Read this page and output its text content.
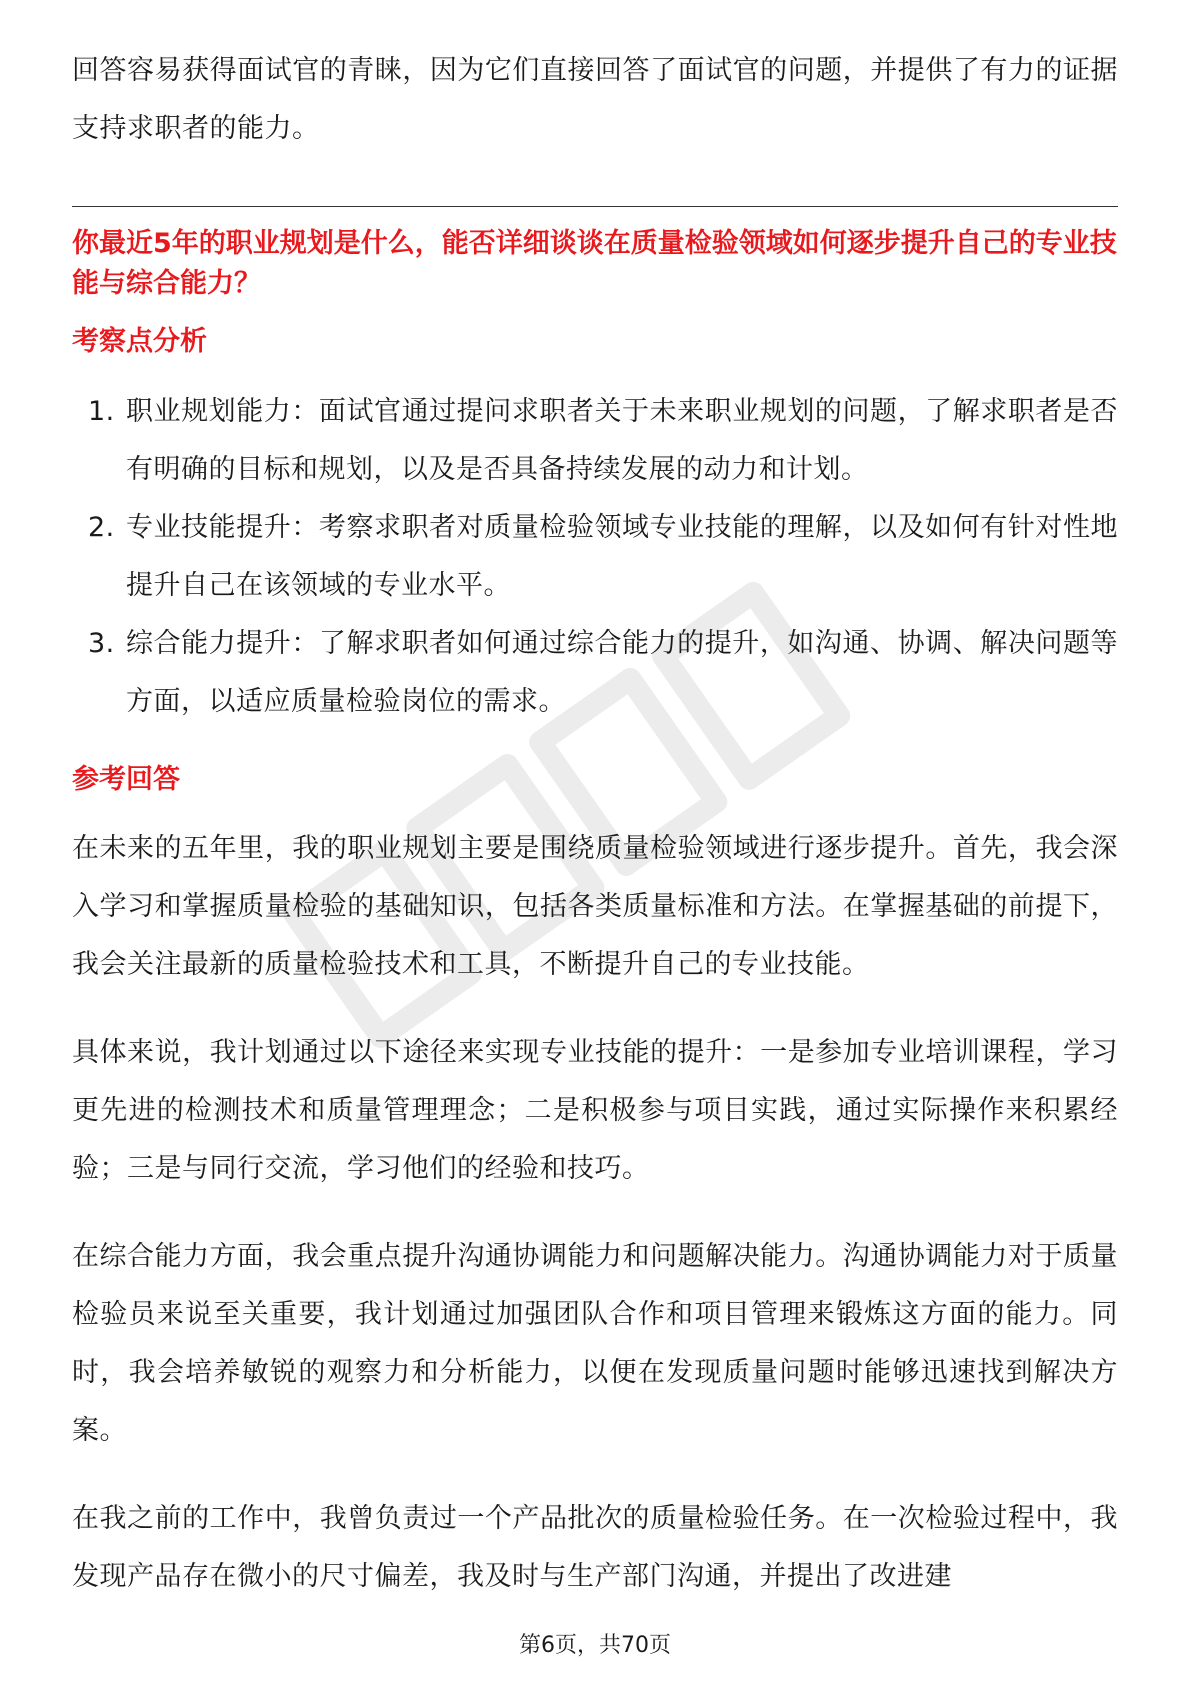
回答容易获得面试官的青睐，因为它们直接回答了面试官的问题，并提供了有力的证据支持求职者的能力。

你最近5年的职业规划是什么，能否详细谈谈在质量检验领域如何逐步提升自己的专业技能与综合能力？

考察点分析

1. 职业规划能力：面试官通过提问求职者关于未来职业规划的问题，了解求职者是否有明确的目标和规划，以及是否具备持续发展的动力和计划。
2. 专业技能提升：考察求职者对质量检验领域专业技能的理解，以及如何有针对性地提升自己在该领域的专业水平。
3. 综合能力提升：了解求职者如何通过综合能力的提升，如沟通、协调、解决问题等方面，以适应质量检验岗位的需求。

参考回答

在未来的五年里，我的职业规划主要是围绕质量检验领域进行逐步提升。首先，我会深入学习和掌握质量检验的基础知识，包括各类质量标准和方法。在掌握基础的前提下，我会关注最新的质量检验技术和工具，不断提升自己的专业技能。

具体来说，我计划通过以下途径来实现专业技能的提升：一是参加专业培训课程，学习更先进的检测技术和质量管理理念；二是积极参与项目实践，通过实际操作来积累经验；三是与同行交流，学习他们的经验和技巧。

在综合能力方面，我会重点提升沟通协调能力和问题解决能力。沟通协调能力对于质量检验员来说至关重要，我计划通过加强团队合作和项目管理来锻炼这方面的能力。同时，我会培养敏锐的观察力和分析能力，以便在发现质量问题时能够迅速找到解决方案。

在我之前的工作中，我曾负责过一个产品批次的质量检验任务。在一次检验过程中，我发现产品存在微小的尺寸偏差，我及时与生产部门沟通，并提出了改进建

第6页，共70页
